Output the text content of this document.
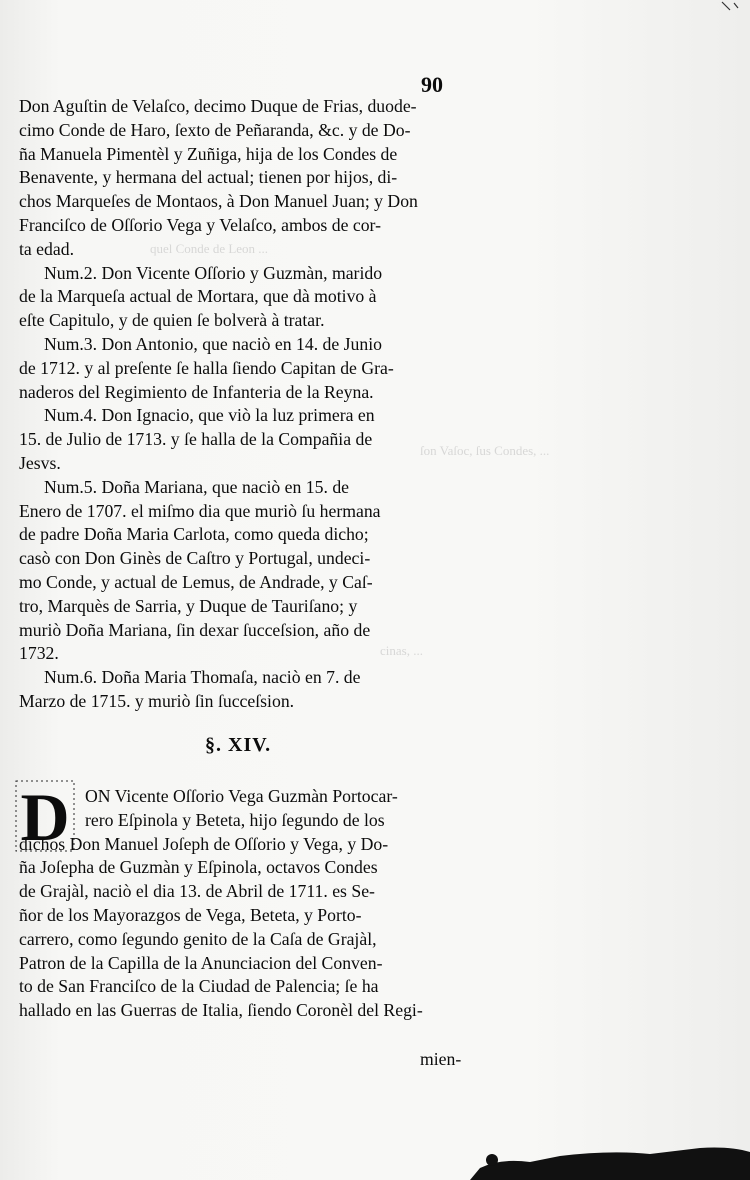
quel Conde de Leon ...
ſon Vaſoc, ſus Condes, ...
cinas, ...
90
Don Aguſtin de Velaſco, decimo Duque de Frias, duode-
cimo Conde de Haro, ſexto de Peñaranda, &c. y de Do-
ña Manuela Pimentèl y Zuñiga, hija de los Condes de
Benavente, y hermana del actual; tienen por hijos, di-
chos Marqueſes de Montaos, à Don Manuel Juan; y Don
Franciſco de Oſſorio Vega y Velaſco, ambos de cor-
ta edad.
Num.2. Don Vicente Oſſorio y Guzmàn, marido
de la Marqueſa actual de Mortara, que dà motivo à
eſte Capitulo, y de quien ſe bolverà à tratar.
Num.3. Don Antonio, que naciò en 14. de Junio
de 1712. y al preſente ſe halla ſiendo Capitan de Gra-
naderos del Regimiento de Infanteria de la Reyna.
Num.4. Don Ignacio, que viò la luz primera en
15. de Julio de 1713. y ſe halla de la Compañia de
Jesvs.
Num.5. Doña Mariana, que naciò en 15. de
Enero de 1707. el miſmo dia que muriò ſu hermana
de padre Doña Maria Carlota, como queda dicho;
casò con Don Ginès de Caſtro y Portugal, undeci-
mo Conde, y actual de Lemus, de Andrade, y Caſ-
tro, Marquès de Sarria, y Duque de Tauriſano; y
muriò Doña Mariana, ſin dexar ſucceſsion, año de
1732.
Num.6. Doña Maria Thomaſa, naciò en 7. de
Marzo de 1715. y muriò ſin ſucceſsion.
§. XIV.
D ON Vicente Oſſorio Vega Guzmàn Portocar-
rero Eſpinola y Beteta, hijo ſegundo de los
dichos Don Manuel Joſeph de Oſſorio y Vega, y Do-
ña Joſepha de Guzmàn y Eſpinola, octavos Condes
de Grajàl, naciò el dia 13. de Abril de 1711. es Se-
ñor de los Mayorazgos de Vega, Beteta, y Porto-
carrero, como ſegundo genito de la Caſa de Grajàl,
Patron de la Capilla de la Anunciacion del Conven-
to de San Franciſco de la Ciudad de Palencia; ſe ha
hallado en las Guerras de Italia, ſiendo Coronèl del Regi-
mien-
